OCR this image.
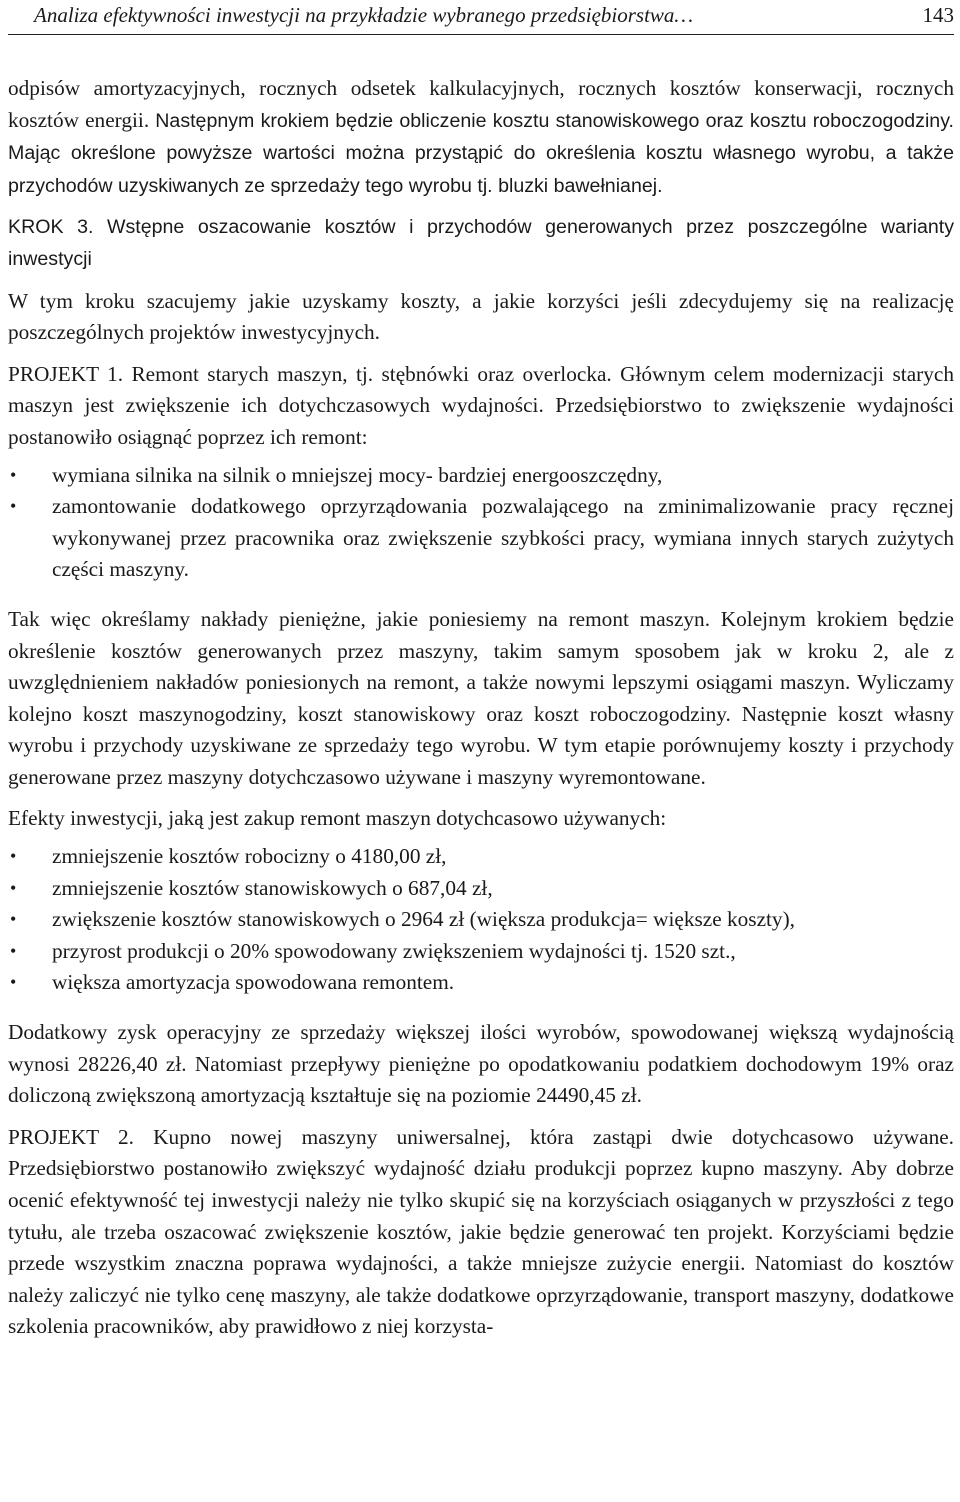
Analiza efektywności inwestycji na przykładzie wybranego przedsiębiorstwa…	143

odpisów amortyzacyjnych, rocznych odsetek kalkulacyjnych, rocznych kosztów konserwacji, rocznych kosztów energii. Następnym krokiem będzie obliczenie kosztu stanowiskowego oraz kosztu roboczogodziny. Mając określone powyższe wartości można przystąpić do określenia kosztu własnego wyrobu, a także przychodów uzyskiwanych ze sprzedaży tego wyrobu tj. bluzki bawełnianej.

KROK 3. Wstępne oszacowanie kosztów i przychodów generowanych przez poszczególne warianty inwestycji

W tym kroku szacujemy jakie uzyskamy koszty, a jakie korzyści jeśli zdecydujemy się na realizację poszczególnych projektów inwestycyjnych.

PROJEKT 1. Remont starych maszyn, tj. stębnówki oraz overlocka. Głównym celem modernizacji starych maszyn jest zwiększenie ich dotychczasowych wydajności. Przedsiębiorstwo to zwiększenie wydajności postanowiło osiągnąć poprzez ich remont:

• wymiana silnika na silnik o mniejszej mocy- bardziej energooszczędny,
• zamontowanie dodatkowego oprzyrządowania pozwalającego na zminimalizowanie pracy ręcznej wykonywanej przez pracownika oraz zwiększenie szybkości pracy, wymiana innych starych zużytych części maszyny.

Tak więc określamy nakłady pieniężne, jakie poniesiemy na remont maszyn. Kolejnym krokiem będzie określenie kosztów generowanych przez maszyny, takim samym sposobem jak w kroku 2, ale z uwzględnieniem nakładów poniesionych na remont, a także nowymi lepszymi osiągami maszyn. Wyliczamy kolejno koszt maszynogodziny, koszt stanowiskowy oraz koszt roboczogodziny. Następnie koszt własny wyrobu i przychody uzyskiwane ze sprzedaży tego wyrobu. W tym etapie porównujemy koszty i przychody generowane przez maszyny dotychczasowo używane i maszyny wyremontowane.

Efekty inwestycji, jaką jest zakup remont maszyn dotychcasowo używanych:

• zmniejszenie kosztów robocizny o 4180,00 zł,
• zmniejszenie kosztów stanowiskowych o 687,04 zł,
• zwiększenie kosztów stanowiskowych o 2964 zł (większa produkcja= większe koszty),
• przyrost produkcji o 20% spowodowany zwiększeniem wydajności tj. 1520 szt.,
• większa amortyzacja spowodowana remontem.

Dodatkowy zysk operacyjny ze sprzedaży większej ilości wyrobów, spowodowanej większą wydajnością wynosi 28226,40 zł. Natomiast przepływy pieniężne po opodatkowaniu podatkiem dochodowym 19% oraz doliczoną zwiększoną amortyzacją kształtuje się na poziomie 24490,45 zł.

PROJEKT 2. Kupno nowej maszyny uniwersalnej, która zastąpi dwie dotychcasowo używane. Przedsiębiorstwo postanowiło zwiększyć wydajność działu produkcji poprzez kupno maszyny. Aby dobrze ocenić efektywność tej inwestycji należy nie tylko skupić się na korzyściach osiąganych w przyszłości z tego tytułu, ale trzeba oszacować zwiększenie kosztów, jakie będzie generować ten projekt. Korzyściami będzie przede wszystkim znaczna poprawa wydajności, a także mniejsze zużycie energii. Natomiast do kosztów należy zaliczyć nie tylko cenę maszyny, ale także dodatkowe oprzyrządowanie, transport maszyny, dodatkowe szkolenia pracowników, aby prawidłowo z niej korzysta-
